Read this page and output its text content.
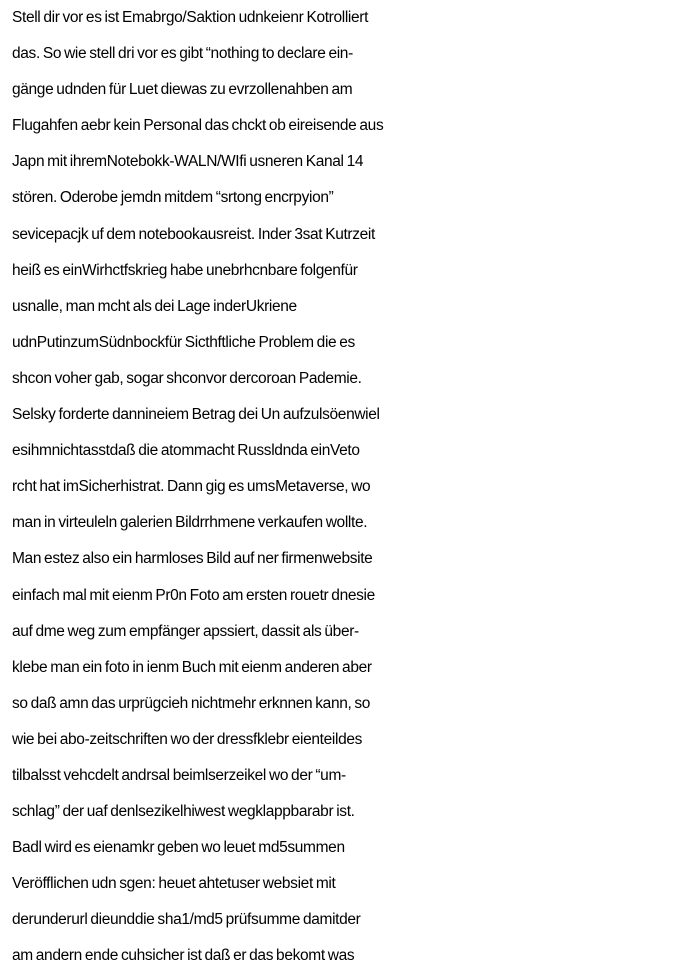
Stell dir vor es ist Emabrgo/Saktion udnkeienr Kotrolliert
das. So wie stell dri vor es gibt “nothing to declare ein-
gänge udnden für Luet diewas zu evrzollenahben am
Flugahfen aebr kein Personal das chckt ob eireisende aus
Japn mit ihremNotebokk-WALN/WIfi usneren Kanal 14
stören. Oderobe jemdn mitdem “srtong encrpyion”
sevicepacjk uf dem notebookausreist. Inder 3sat Kutrzeit
heiß es einWirhctfskrieg habe unebrhcnbare folgenfür
usnalle, man mcht als dei Lage inderUkriene
udnPutinzumSüdnbockfür Sicthftliche Problem die es
shcon voher gab, sogar shconvor dercoroan Pademie.
Selsky forderte dannineiem Betrag dei Un aufzulsöenwiel
esihmnichtasstdaß die atommacht Russldnda einVeto
rcht hat imSicherhistrat. Dann gig es umsMetaverse, wo
man in virteuleln galerien Bildrrhmene verkaufen wollte.
Man estez also ein harmloses Bild auf ner firmenwebsite
einfach mal mit eienm Pr0n Foto am ersten rouetr dnesie
auf dme weg zum empfänger apssiert, dassit als über-
klebe man ein foto in ienm Buch mit eienm anderen aber
so daß amn das urprügcieh nichtmehr erknnen kann, so
wie bei abo-zeitschriften wo der dressfklebr eienteildes
tilbalsst vehcdelt andrsal beimlserzeikel wo der “um-
schlag” der uaf denlsezikelhiwest wegklappbarabr ist.
Badl wird es eienamkr geben wo leuet md5summen
Veröfflichen udn sgen: heuet ahtetuser websiet mit
derunderurl dieunddie sha1/md5 prüfsumme damitder
am andern ende cuhsicher ist daß er das bekomt was
